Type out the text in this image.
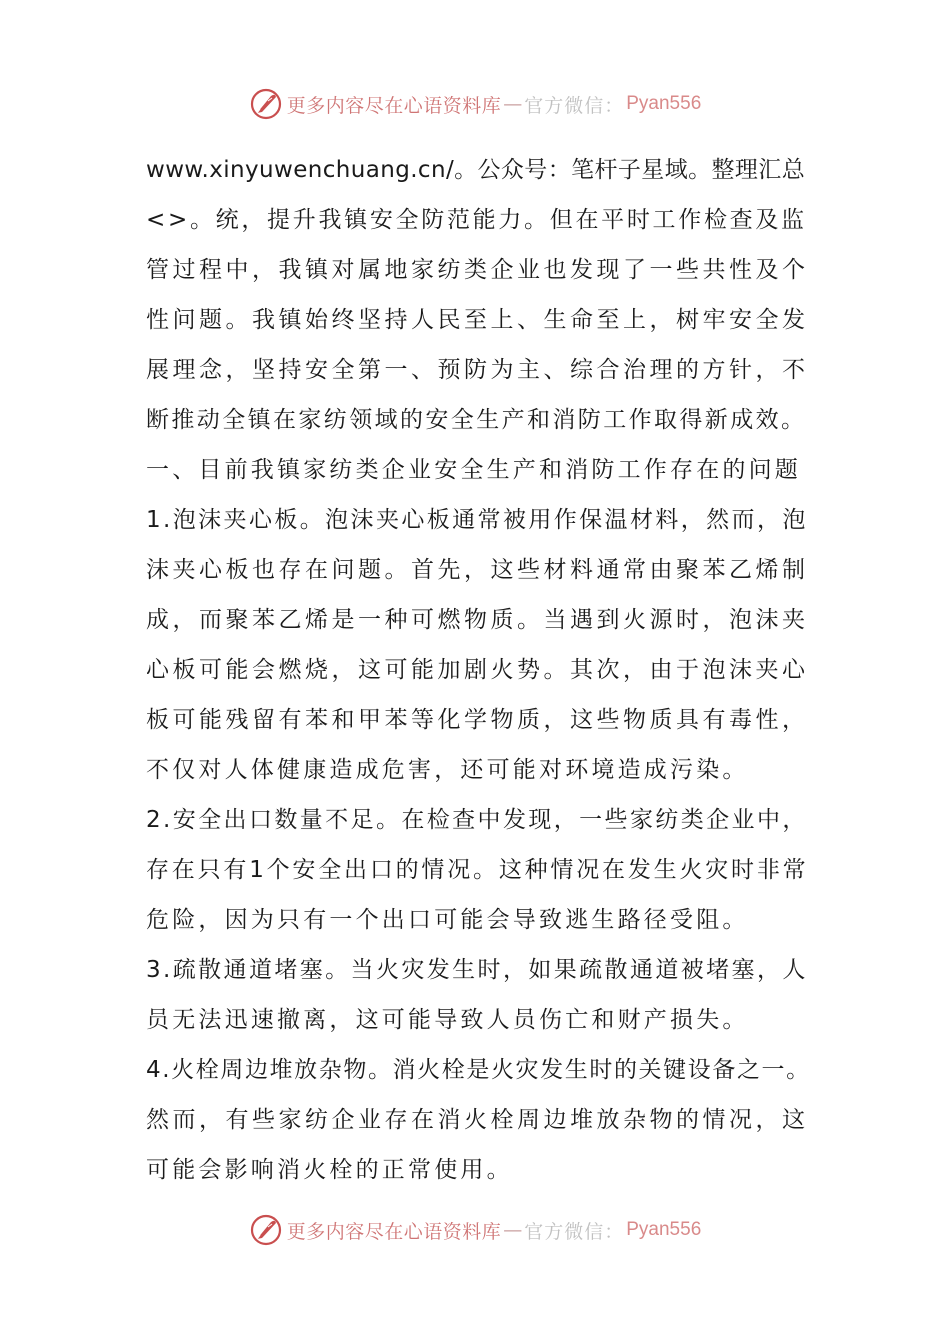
更多内容尽在心语资料库 — 官方微信： Pyan556
www.xinyuwenchuang.cn/。公众号：笔杆子星域。整理汇总
<>。统，提升我镇安全防范能力。但在平时工作检查及监
管过程中，我镇对属地家纺类企业也发现了一些共性及个
性问题。我镇始终坚持人民至上、生命至上，树牢安全发
展理念，坚持安全第一、预防为主、综合治理的方针，不
断推动全镇在家纺领域的安全生产和消防工作取得新成效。
一、目前我镇家纺类企业安全生产和消防工作存在的问题
1.泡沫夹心板。泡沫夹心板通常被用作保温材料，然而，泡
沫夹心板也存在问题。首先，这些材料通常由聚苯乙烯制
成，而聚苯乙烯是一种可燃物质。当遇到火源时，泡沫夹
心板可能会燃烧，这可能加剧火势。其次，由于泡沫夹心
板可能残留有苯和甲苯等化学物质，这些物质具有毒性，
不仅对人体健康造成危害，还可能对环境造成污染。
2.安全出口数量不足。在检查中发现，一些家纺类企业中，
存在只有1个安全出口的情况。这种情况在发生火灾时非常
危险，因为只有一个出口可能会导致逃生路径受阻。
3.疏散通道堵塞。当火灾发生时，如果疏散通道被堵塞，人
员无法迅速撤离，这可能导致人员伤亡和财产损失。
4.火栓周边堆放杂物。消火栓是火灾发生时的关键设备之一。
然而，有些家纺企业存在消火栓周边堆放杂物的情况，这
可能会影响消火栓的正常使用。
更多内容尽在心语资料库 — 官方微信： Pyan556
